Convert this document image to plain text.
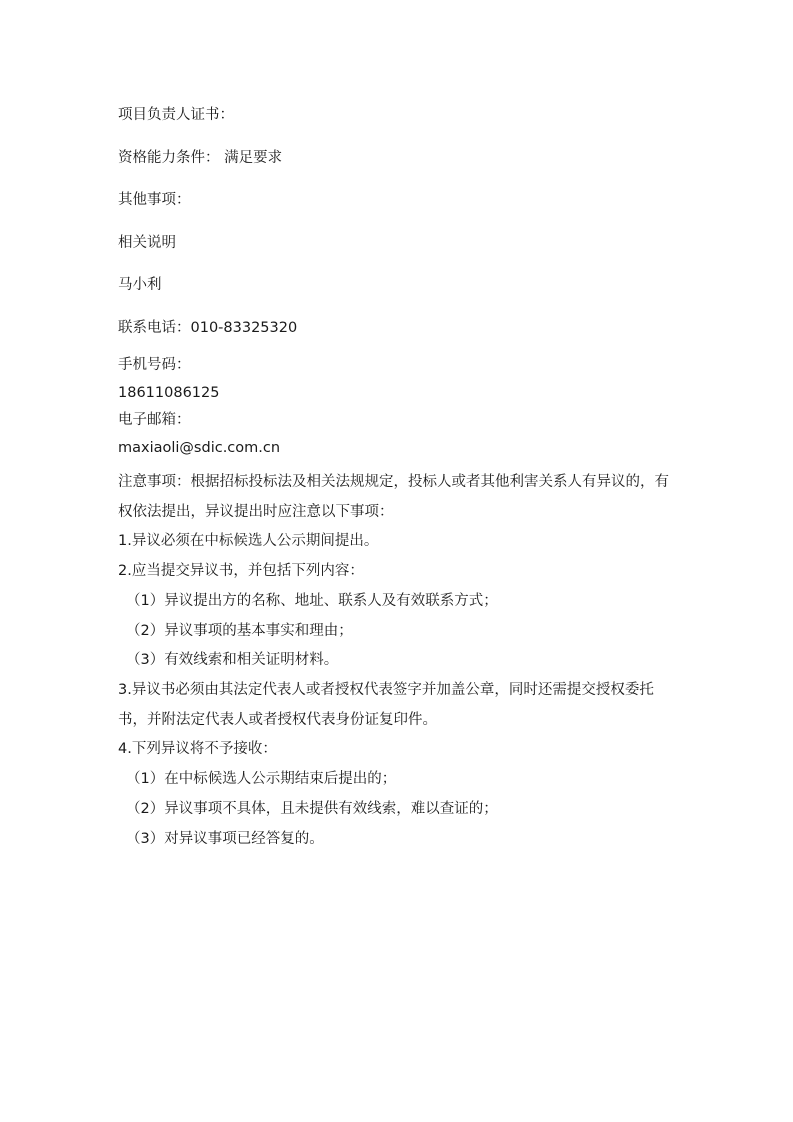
项目负责人证书：
资格能力条件： 满足要求
其他事项：
相关说明
马小利
联系电话：010-83325320
手机号码：
18611086125
电子邮箱：
maxiaoli@sdic.com.cn
注意事项：根据招标投标法及相关法规规定，投标人或者其他利害关系人有异议的，有权依法提出，异议提出时应注意以下事项：
1.异议必须在中标候选人公示期间提出。
2.应当提交异议书，并包括下列内容：
（1）异议提出方的名称、地址、联系人及有效联系方式；
（2）异议事项的基本事实和理由；
（3）有效线索和相关证明材料。
3.异议书必须由其法定代表人或者授权代表签字并加盖公章，同时还需提交授权委托书，并附法定代表人或者授权代表身份证复印件。
4.下列异议将不予接收：
（1）在中标候选人公示期结束后提出的；
（2）异议事项不具体，且未提供有效线索，难以查证的；
（3）对异议事项已经答复的。
